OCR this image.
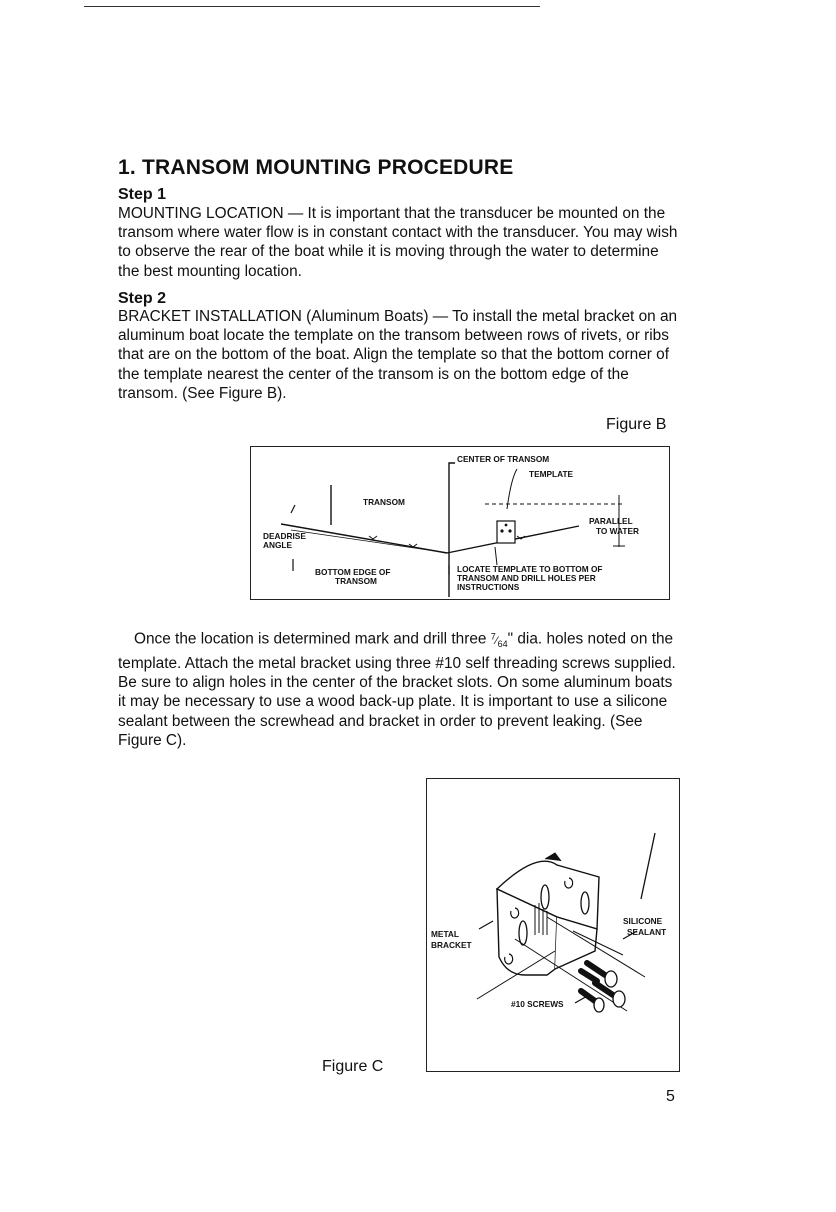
1. TRANSOM MOUNTING PROCEDURE
Step 1

MOUNTING LOCATION — It is important that the transducer be mounted on the transom where water flow is in constant contact with the transducer. You may wish to observe the rear of the boat while it is moving through the water to determine the best mounting location.

Step 2

BRACKET INSTALLATION (Aluminum Boats) — To install the metal bracket on an aluminum boat locate the template on the transom between rows of rivets, or ribs that are on the bottom of the boat. Align the template so that the bottom corner of the template nearest the center of the transom is on the bottom edge of the transom. (See Figure B).

Figure B
CENTER OF TRANSOM
TEMPLATE
TRANSOM
PARALLEL
TO WATER
DEADRISE
ANGLE
BOTTOM EDGE OF
TRANSOM
LOCATE TEMPLATE TO BOTTOM OF
TRANSOM AND DRILL HOLES PER
INSTRUCTIONS

Once the location is determined mark and drill three $^7⁄_{64}$" dia. holes noted on the template. Attach the metal bracket using three #10 self threading screws supplied. Be sure to align holes in the center of the bracket slots. On some aluminum boats it may be necessary to use a wood back-up plate. It is important to use a silicone sealant between the screwhead and bracket in order to prevent leaking. (See Figure C).

METAL
BRACKET
SILICONE
SEALANT
#10 SCREWS
Figure C
5
